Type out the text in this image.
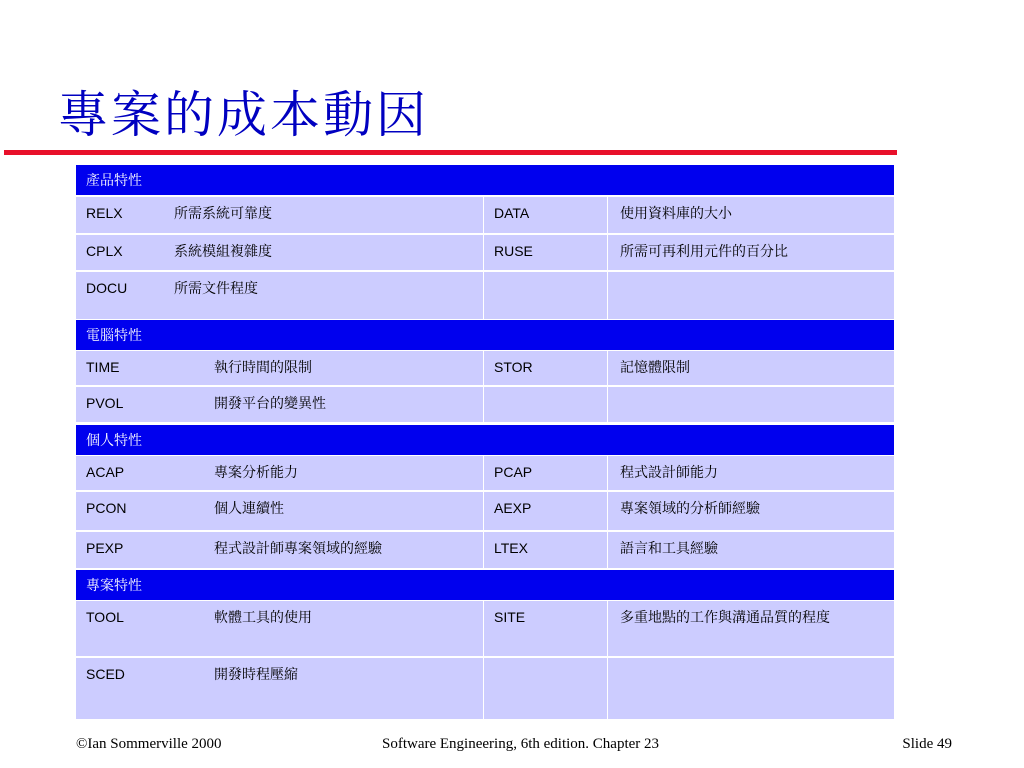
專案的成本動因
產品特性
RELX	所需系統可靠度	DATA	使用資料庫的大小
CPLX	系統模組複雜度	RUSE	所需可再利用元件的百分比
DOCU	所需文件程度
電腦特性
TIME	執行時間的限制	STOR	記憶體限制
PVOL	開發平台的變異性
個人特性
ACAP	專案分析能力	PCAP	程式設計師能力
PCON	個人連續性	AEXP	專案領域的分析師經驗
PEXP	程式設計師專案領域的經驗	LTEX	語言和工具經驗
專案特性
TOOL	軟體工具的使用	SITE	多重地點的工作與溝通品質的程度
SCED	開發時程壓縮
©Ian Sommerville 2000	Software Engineering, 6th edition. Chapter 23	Slide 49
